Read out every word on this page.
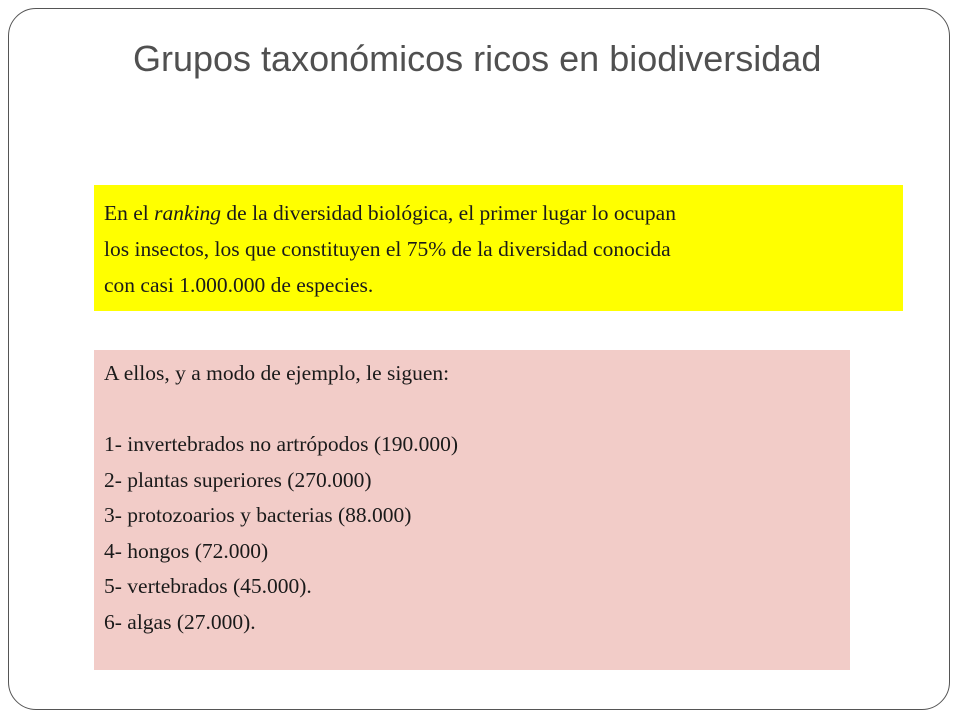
Grupos taxonómicos ricos en biodiversidad
En el ranking de la diversidad biológica, el primer lugar lo ocupan
los insectos, los que constituyen el 75% de la diversidad conocida
con casi 1.000.000 de especies.
A ellos, y a modo de ejemplo, le siguen:
1- invertebrados no artrópodos (190.000)
2- plantas superiores (270.000)
3- protozoarios y bacterias (88.000)
4- hongos (72.000)
5- vertebrados (45.000).
6- algas (27.000).
